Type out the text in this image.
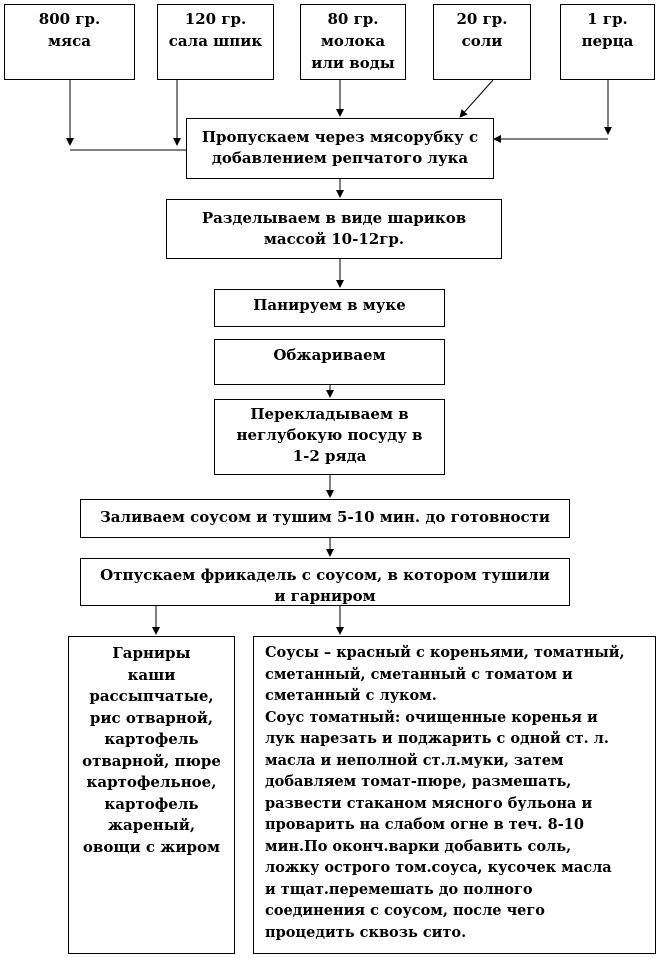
800 гр.
мяса
120 гр.
сала шпик
80 гр.
молока
или воды
20 гр.
соли
1 гр.
перца
Пропускаем через мясорубку с
добавлением репчатого лука
Разделываем в виде шариков
массой 10-12гр.
Панируем в муке
Обжариваем
Перекладываем в
неглубокую посуду в
1-2 ряда
Заливаем соусом и тушим 5-10 мин. до готовности
Отпускаем фрикадель с соусом, в котором тушили
и гарниром
Гарниры
каши
рассыпчатые,
рис отварной,
картофель
отварной, пюре
картофельное,
картофель
жареный,
овощи с жиром
Соусы – красный с кореньями, томатный,
сметанный, сметанный с томатом и
сметанный с луком.
Соус томатный: очищенные коренья и
лук нарезать и поджарить с одной ст. л.
масла и неполной ст.л.муки, затем
добавляем томат-пюре, размешать,
развести стаканом мясного бульона и
проварить на слабом огне в теч. 8-10
мин.По оконч.варки добавить соль,
ложку острого том.соуса, кусочек масла
и тщат.перемешать до полного
соединения с соусом, после чего
процедить сквозь сито.
